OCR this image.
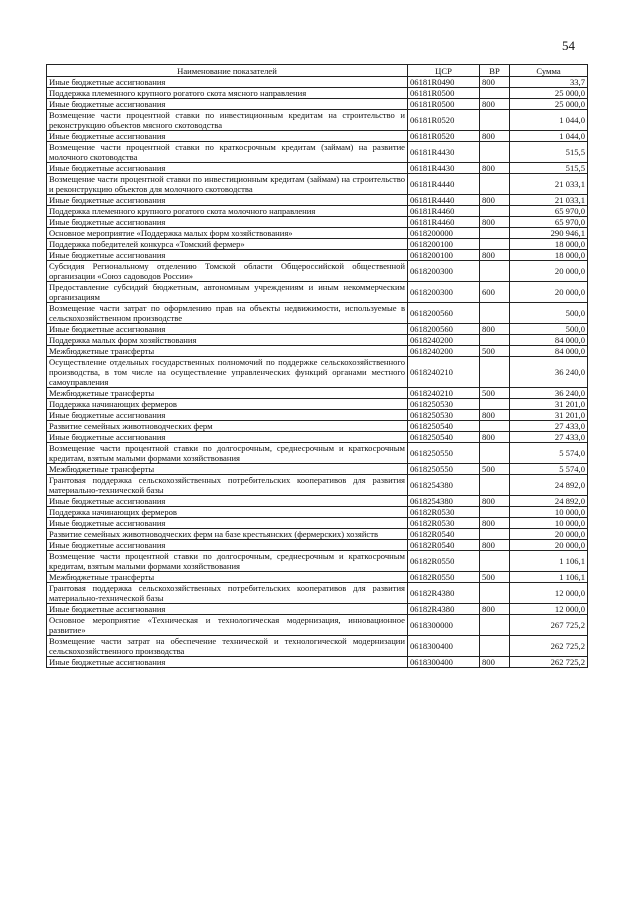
54
Наименование показателей	ЦСР	ВР	Сумма
Иные бюджетные ассигнования	06181R0490	800	33,7
Поддержка племенного крупного рогатого скота мясного направления	06181R0500		25 000,0
Иные бюджетные ассигнования	06181R0500	800	25 000,0
Возмещение части процентной ставки по инвестиционным кредитам на строительство и реконструкцию объектов мясного скотоводства	06181R0520		1 044,0
Иные бюджетные ассигнования	06181R0520	800	1 044,0
Возмещение части процентной ставки по краткосрочным кредитам (займам) на развитие молочного скотоводства	06181R4430		515,5
Иные бюджетные ассигнования	06181R4430	800	515,5
Возмещение части процентной ставки по инвестиционным кредитам (займам) на строительство и реконструкцию объектов для молочного скотоводства	06181R4440		21 033,1
Иные бюджетные ассигнования	06181R4440	800	21 033,1
Поддержка племенного крупного рогатого скота молочного направления	06181R4460		65 970,0
Иные бюджетные ассигнования	06181R4460	800	65 970,0
Основное мероприятие «Поддержка малых форм хозяйствования»	0618200000		290 946,1
Поддержка победителей конкурса «Томский фермер»	0618200100		18 000,0
Иные бюджетные ассигнования	0618200100	800	18 000,0
Субсидия Региональному отделению Томской области Общероссийской общественной организации «Союз садоводов России»	0618200300		20 000,0
Предоставление субсидий бюджетным, автономным учреждениям и иным некоммерческим организациям	0618200300	600	20 000,0
Возмещение части затрат по оформлению прав на объекты недвижимости, используемые в сельскохозяйственном производстве	0618200560		500,0
Иные бюджетные ассигнования	0618200560	800	500,0
Поддержка малых форм хозяйствования	0618240200		84 000,0
Межбюджетные трансферты	0618240200	500	84 000,0
Осуществление отдельных государственных полномочий по поддержке сельскохозяйственного производства, в том числе на осуществление управленческих функций органами местного самоуправления	0618240210		36 240,0
Межбюджетные трансферты	0618240210	500	36 240,0
Поддержка начинающих фермеров	0618250530		31 201,0
Иные бюджетные ассигнования	0618250530	800	31 201,0
Развитие семейных животноводческих ферм	0618250540		27 433,0
Иные бюджетные ассигнования	0618250540	800	27 433,0
Возмещение части процентной ставки по долгосрочным, среднесрочным и краткосрочным кредитам, взятым малыми формами хозяйствования	0618250550		5 574,0
Межбюджетные трансферты	0618250550	500	5 574,0
Грантовая поддержка сельскохозяйственных потребительских кооперативов для развития материально-технической базы	0618254380		24 892,0
Иные бюджетные ассигнования	0618254380	800	24 892,0
Поддержка начинающих фермеров	06182R0530		10 000,0
Иные бюджетные ассигнования	06182R0530	800	10 000,0
Развитие семейных животноводческих ферм на базе крестьянских (фермерских) хозяйств	06182R0540		20 000,0
Иные бюджетные ассигнования	06182R0540	800	20 000,0
Возмещение части процентной ставки по долгосрочным, среднесрочным и краткосрочным кредитам, взятым малыми формами хозяйствования	06182R0550		1 106,1
Межбюджетные трансферты	06182R0550	500	1 106,1
Грантовая поддержка сельскохозяйственных потребительских кооперативов для развития материально-технической базы	06182R4380		12 000,0
Иные бюджетные ассигнования	06182R4380	800	12 000,0
Основное мероприятие «Техническая и технологическая модернизация, инновационное развитие»	0618300000		267 725,2
Возмещение части затрат на обеспечение технической и технологической модернизации сельскохозяйственного производства	0618300400		262 725,2
Иные бюджетные ассигнования	0618300400	800	262 725,2
